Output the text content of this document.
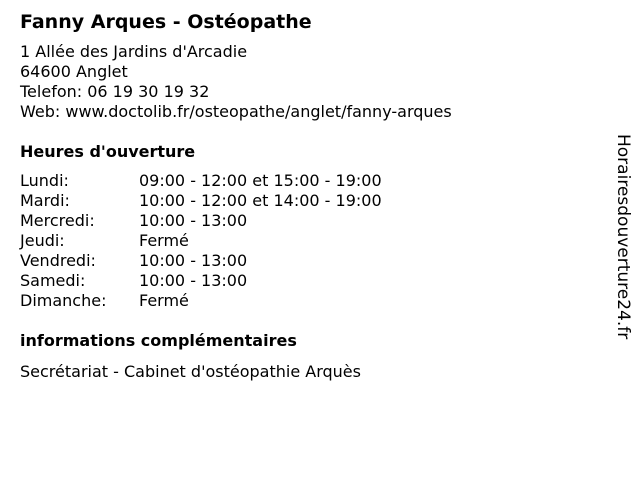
Fanny Arques - Ostéopathe
1 Allée des Jardins d'Arcadie
64600 Anglet
Telefon: 06 19 30 19 32
Web: www.doctolib.fr/osteopathe/anglet/fanny-arques
Heures d'ouverture
Lundi:	09:00 - 12:00 et 15:00 - 19:00
Mardi:	10:00 - 12:00 et 14:00 - 19:00
Mercredi:	10:00 - 13:00
Jeudi:	Fermé
Vendredi:	10:00 - 13:00
Samedi:	10:00 - 13:00
Dimanche:	Fermé
informations complémentaires
Secrétariat - Cabinet d'ostéopathie Arquès
Horairesdouverture24.fr
